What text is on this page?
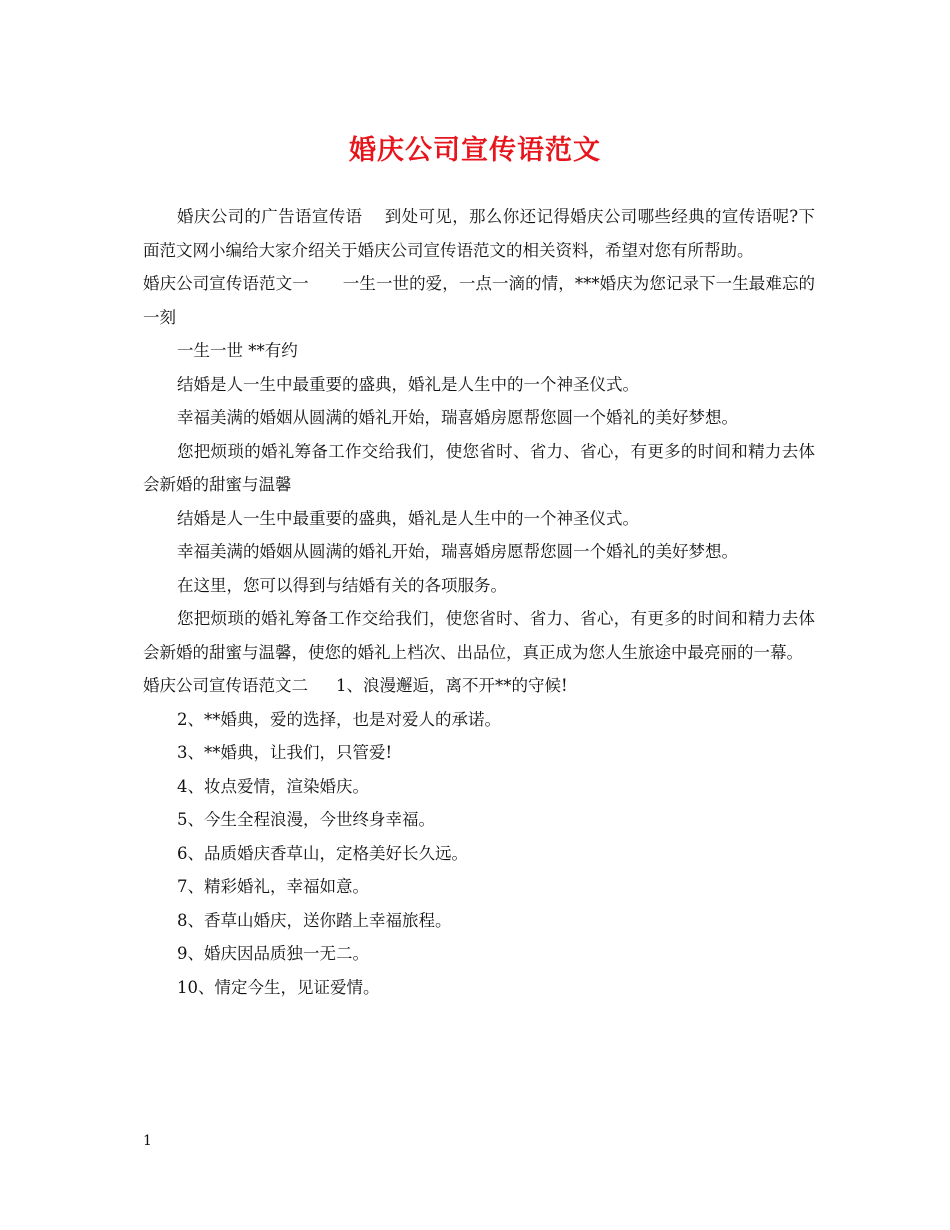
婚庆公司宣传语范文

婚庆公司的广告语宣传语 到处可见，那么你还记得婚庆公司哪些经典的宣传语呢?下面范文网小编给大家介绍关于婚庆公司宣传语范文的相关资料，希望对您有所帮助。

婚庆公司宣传语范文一 一生一世的爱，一点一滴的情，***婚庆为您记录下一生最难忘的一刻

一生一世 **有约

结婚是人一生中最重要的盛典，婚礼是人生中的一个神圣仪式。

幸福美满的婚姻从圆满的婚礼开始，瑞喜婚房愿帮您圆一个婚礼的美好梦想。

您把烦琐的婚礼筹备工作交给我们，使您省时、省力、省心，有更多的时间和精力去体会新婚的甜蜜与温馨

结婚是人一生中最重要的盛典，婚礼是人生中的一个神圣仪式。

幸福美满的婚姻从圆满的婚礼开始，瑞喜婚房愿帮您圆一个婚礼的美好梦想。

在这里，您可以得到与结婚有关的各项服务。

您把烦琐的婚礼筹备工作交给我们，使您省时、省力、省心，有更多的时间和精力去体会新婚的甜蜜与温馨，使您的婚礼上档次、出品位，真正成为您人生旅途中最亮丽的一幕。

婚庆公司宣传语范文二 1、浪漫邂逅，离不开**的守候!

2、**婚典，爱的选择，也是对爱人的承诺。

3、**婚典，让我们，只管爱!

4、妆点爱情，渲染婚庆。

5、今生全程浪漫，今世终身幸福。

6、品质婚庆香草山，定格美好长久远。

7、精彩婚礼，幸福如意。

8、香草山婚庆，送你踏上幸福旅程。

9、婚庆因品质独一无二。

10、情定今生，见证爱情。

1
